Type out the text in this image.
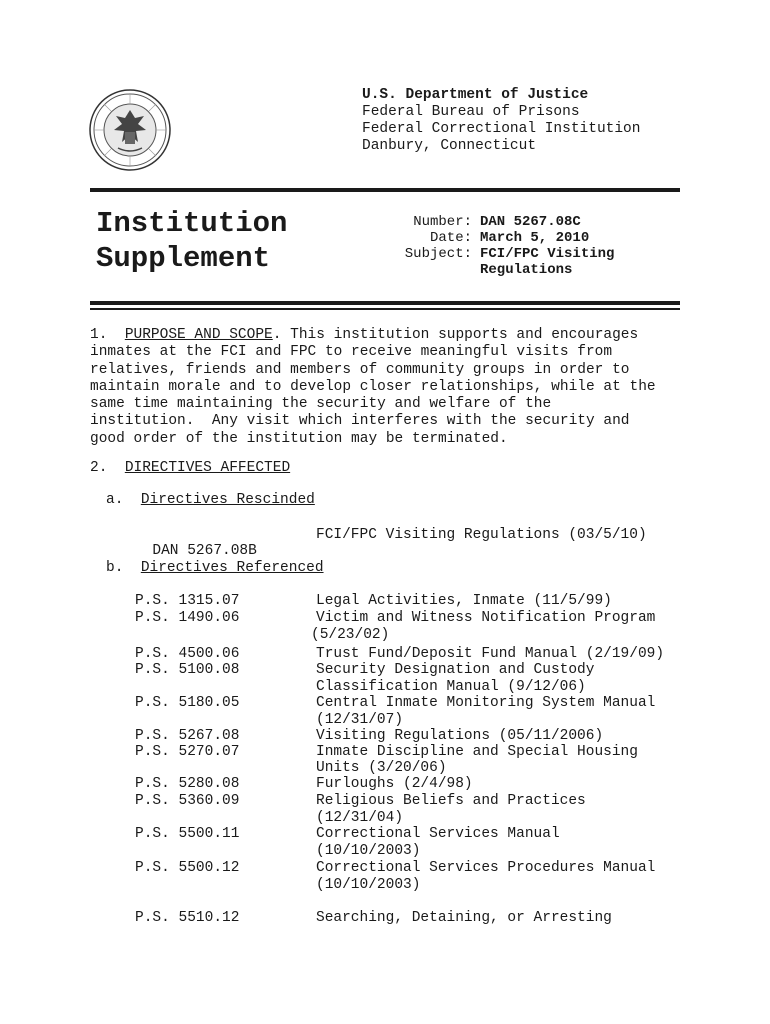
U.S. Department of Justice
Federal Bureau of Prisons
Federal Correctional Institution
Danbury, Connecticut
Institution
Supplement
Number: DAN 5267.08C
Date: March 5, 2010
Subject: FCI/FPC Visiting
Regulations
1. PURPOSE AND SCOPE. This institution supports and encourages
inmates at the FCI and FPC to receive meaningful visits from
relatives, friends and members of community groups in order to
maintain morale and to develop closer relationships, while at the
same time maintaining the security and welfare of the
institution.  Any visit which interferes with the security and
good order of the institution may be terminated.
2. DIRECTIVES AFFECTED
a. Directives Rescinded

DAN 5267.08B

FCI/FPC Visiting Regulations (03/5/10)
b. Directives Referenced
P.S. 1315.07	Legal Activities, Inmate (11/5/99)
P.S. 1490.06	Victim and Witness Notification Program
(5/23/02)
P.S. 4500.06	Trust Fund/Deposit Fund Manual (2/19/09)
P.S. 5100.08	Security Designation and Custody
Classification Manual (9/12/06)
P.S. 5180.05	Central Inmate Monitoring System Manual
(12/31/07)
P.S. 5267.08	Visiting Regulations (05/11/2006)
P.S. 5270.07	Inmate Discipline and Special Housing
Units (3/20/06)
P.S. 5280.08	Furloughs (2/4/98)
P.S. 5360.09	Religious Beliefs and Practices
(12/31/04)
P.S. 5500.11	Correctional Services Manual
(10/10/2003)
P.S. 5500.12	Correctional Services Procedures Manual
(10/10/2003)
P.S. 5510.12	Searching, Detaining, or Arresting
